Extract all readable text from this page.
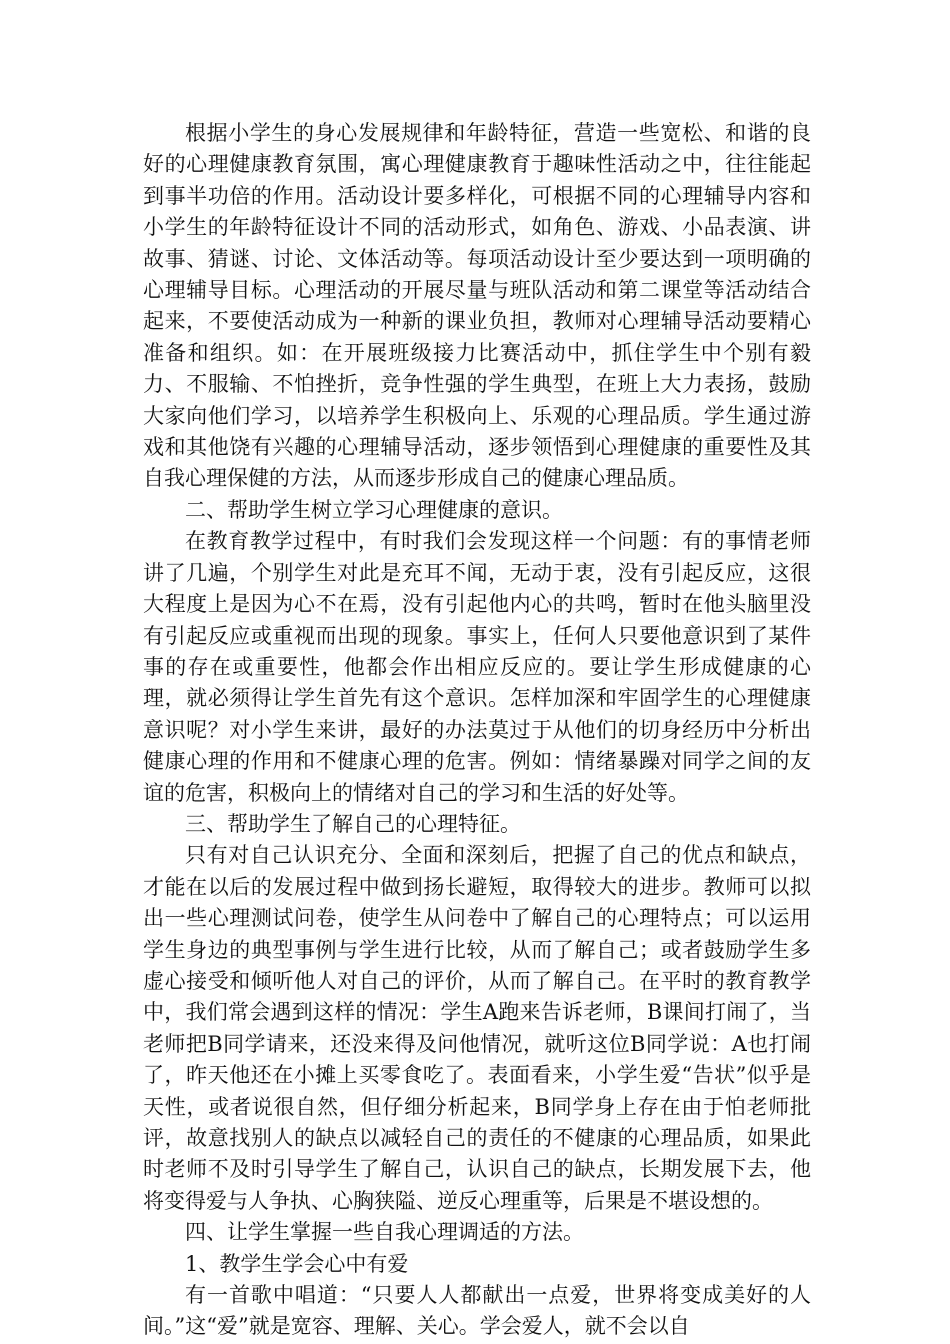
根据小学生的身心发展规律和年龄特征，营造一些宽松、和谐的良好的心理健康教育氛围，寓心理健康教育于趣味性活动之中，往往能起到事半功倍的作用。活动设计要多样化，可根据不同的心理辅导内容和小学生的年龄特征设计不同的活动形式，如角色、游戏、小品表演、讲故事、猜谜、讨论、文体活动等。每项活动设计至少要达到一项明确的心理辅导目标。心理活动的开展尽量与班队活动和第二课堂等活动结合起来，不要使活动成为一种新的课业负担，教师对心理辅导活动要精心准备和组织。如：在开展班级接力比赛活动中，抓住学生中个别有毅力、不服输、不怕挫折，竞争性强的学生典型，在班上大力表扬，鼓励大家向他们学习，以培养学生积极向上、乐观的心理品质。学生通过游戏和其他饶有兴趣的心理辅导活动，逐步领悟到心理健康的重要性及其自我心理保健的方法，从而逐步形成自己的健康心理品质。

二、帮助学生树立学习心理健康的意识。

在教育教学过程中，有时我们会发现这样一个问题：有的事情老师讲了几遍，个别学生对此是充耳不闻，无动于衷，没有引起反应，这很大程度上是因为心不在焉，没有引起他内心的共鸣，暂时在他头脑里没有引起反应或重视而出现的现象。事实上，任何人只要他意识到了某件事的存在或重要性，他都会作出相应反应的。要让学生形成健康的心理，就必须得让学生首先有这个意识。怎样加深和牢固学生的心理健康意识呢？对小学生来讲，最好的办法莫过于从他们的切身经历中分析出健康心理的作用和不健康心理的危害。例如：情绪暴躁对同学之间的友谊的危害，积极向上的情绪对自己的学习和生活的好处等。

三、帮助学生了解自己的心理特征。

只有对自己认识充分、全面和深刻后，把握了自己的优点和缺点，才能在以后的发展过程中做到扬长避短，取得较大的进步。教师可以拟出一些心理测试问卷，使学生从问卷中了解自己的心理特点；可以运用学生身边的典型事例与学生进行比较，从而了解自己；或者鼓励学生多虚心接受和倾听他人对自己的评价，从而了解自己。在平时的教育教学中，我们常会遇到这样的情况：学生A跑来告诉老师，B课间打闹了，当老师把B同学请来，还没来得及问他情况，就听这位B同学说：A也打闹了，昨天他还在小摊上买零食吃了。表面看来，小学生爱“告状”似乎是天性，或者说很自然，但仔细分析起来，B同学身上存在由于怕老师批评，故意找别人的缺点以减轻自己的责任的不健康的心理品质，如果此时老师不及时引导学生了解自己，认识自己的缺点，长期发展下去，他将变得爱与人争执、心胸狭隘、逆反心理重等，后果是不堪设想的。

四、让学生掌握一些自我心理调适的方法。

1、教学生学会心中有爱

有一首歌中唱道：“只要人人都献出一点爱，世界将变成美好的人间。”这“爱”就是宽容、理解、关心。学会爱人，就不会以自
